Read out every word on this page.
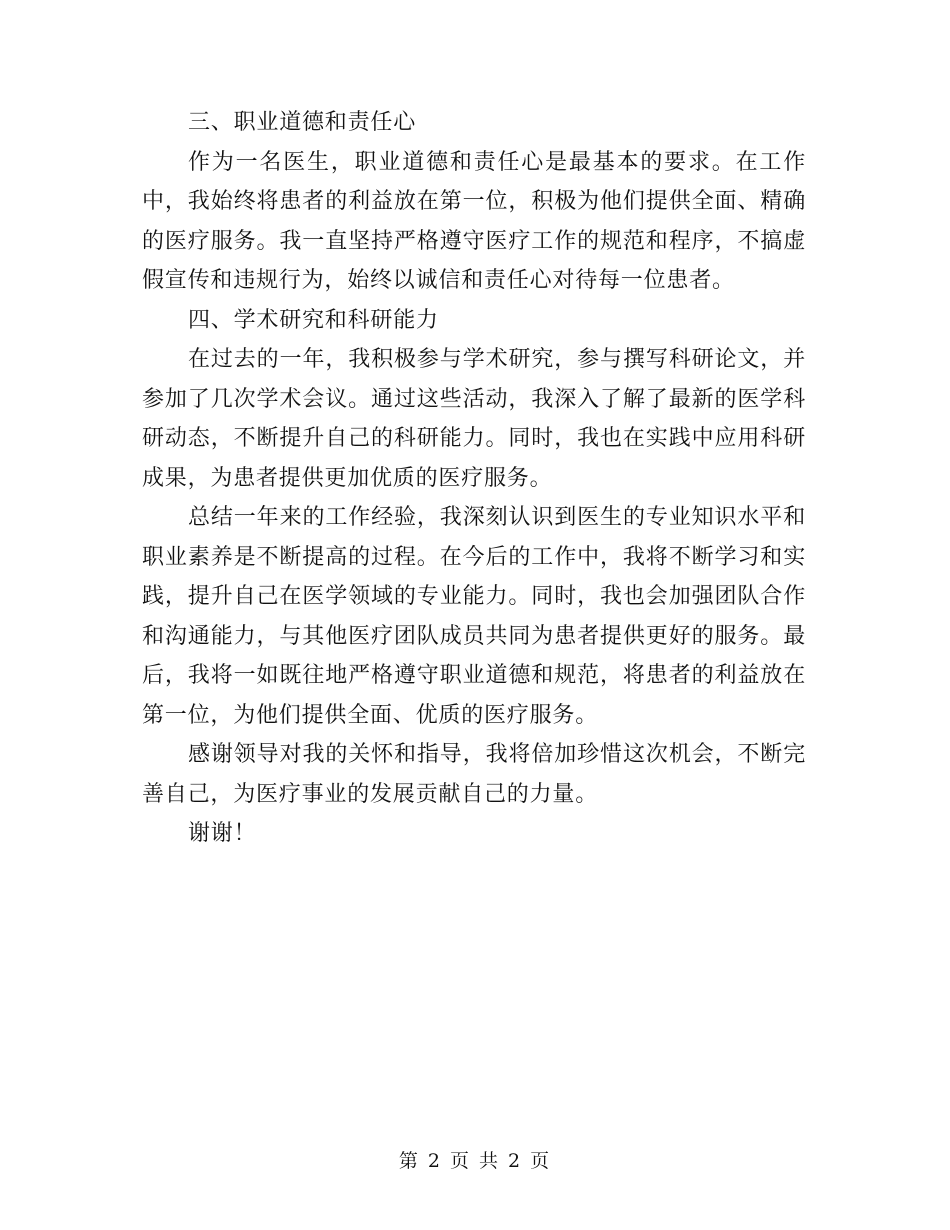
三、职业道德和责任心

作为一名医生，职业道德和责任心是最基本的要求。在工作中，我始终将患者的利益放在第一位，积极为他们提供全面、精确的医疗服务。我一直坚持严格遵守医疗工作的规范和程序，不搞虚假宣传和违规行为，始终以诚信和责任心对待每一位患者。

四、学术研究和科研能力

在过去的一年，我积极参与学术研究，参与撰写科研论文，并参加了几次学术会议。通过这些活动，我深入了解了最新的医学科研动态，不断提升自己的科研能力。同时，我也在实践中应用科研成果，为患者提供更加优质的医疗服务。

总结一年来的工作经验，我深刻认识到医生的专业知识水平和职业素养是不断提高的过程。在今后的工作中，我将不断学习和实践，提升自己在医学领域的专业能力。同时，我也会加强团队合作和沟通能力，与其他医疗团队成员共同为患者提供更好的服务。最后，我将一如既往地严格遵守职业道德和规范，将患者的利益放在第一位，为他们提供全面、优质的医疗服务。

感谢领导对我的关怀和指导，我将倍加珍惜这次机会，不断完善自己，为医疗事业的发展贡献自己的力量。

谢谢！

第 2 页 共 2 页
